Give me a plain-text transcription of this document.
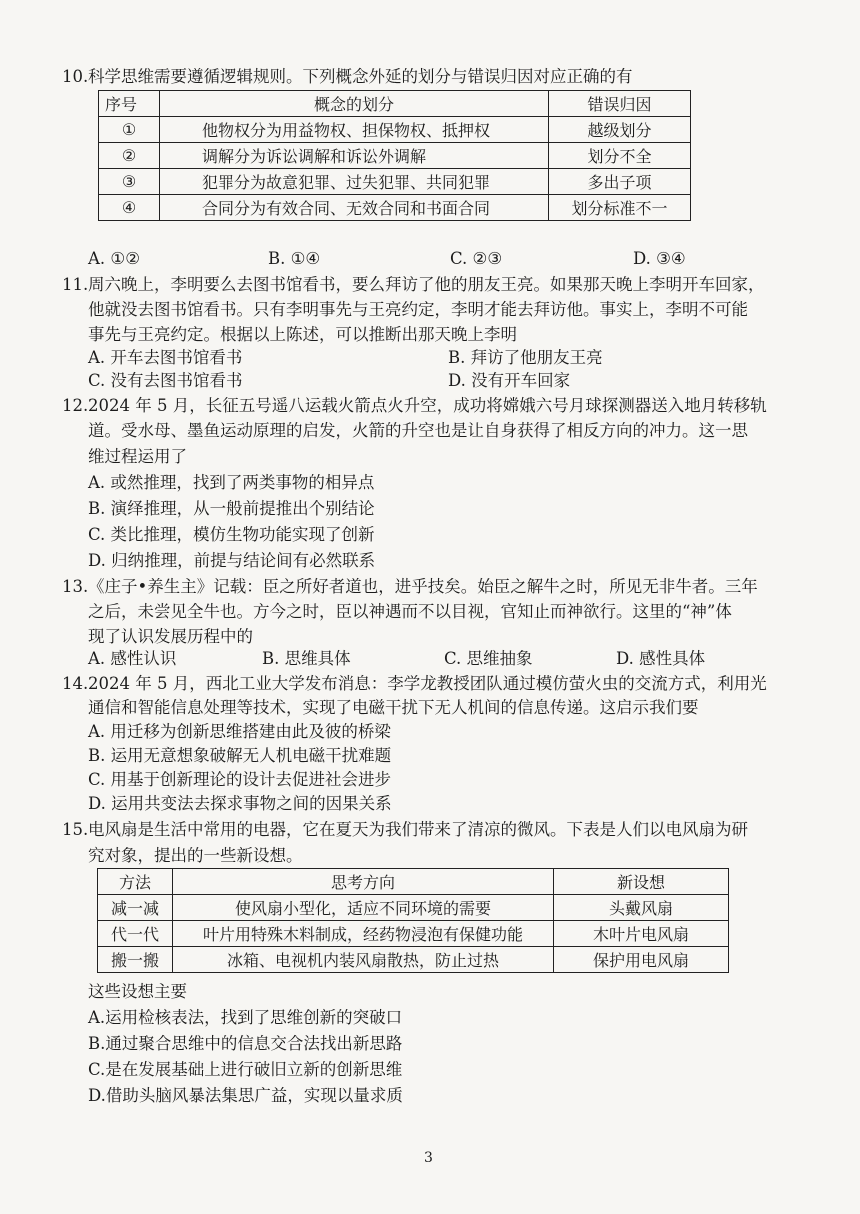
10. 科学思维需要遵循逻辑规则。下列概念外延的划分与错误归因对应正确的有
序号	概念的划分	错误归因
①	他物权分为用益物权、担保物权、抵押权	越级划分
②	调解分为诉讼调解和诉讼外调解	划分不全
③	犯罪分为故意犯罪、过失犯罪、共同犯罪	多出子项
④	合同分为有效合同、无效合同和书面合同	划分标准不一
A. ①②	B. ①④	C. ②③	D. ③④
11. 周六晚上，李明要么去图书馆看书，要么拜访了他的朋友王亮。如果那天晚上李明开车回家，
他就没去图书馆看书。只有李明事先与王亮约定，李明才能去拜访他。事实上，李明不可能
事先与王亮约定。根据以上陈述，可以推断出那天晚上李明
A. 开车去图书馆看书	B. 拜访了他朋友王亮
C. 没有去图书馆看书	D. 没有开车回家
12. 2024 年 5 月，长征五号遥八运载火箭点火升空，成功将嫦娥六号月球探测器送入地月转移轨
道。受水母、墨鱼运动原理的启发，火箭的升空也是让自身获得了相反方向的冲力。这一思
维过程运用了
A. 或然推理，找到了两类事物的相异点
B. 演绎推理，从一般前提推出个别结论
C. 类比推理，模仿生物功能实现了创新
D. 归纳推理，前提与结论间有必然联系
13. 《庄子•养生主》记载：臣之所好者道也，进乎技矣。始臣之解牛之时，所见无非牛者。三年
之后，未尝见全牛也。方今之时，臣以神遇而不以目视，官知止而神欲行。这里的“神”体
现了认识发展历程中的
A. 感性认识	B. 思维具体	C. 思维抽象	D. 感性具体
14. 2024 年 5 月，西北工业大学发布消息：李学龙教授团队通过模仿萤火虫的交流方式，利用光
通信和智能信息处理等技术，实现了电磁干扰下无人机间的信息传递。这启示我们要
A. 用迁移为创新思维搭建由此及彼的桥梁
B. 运用无意想象破解无人机电磁干扰难题
C. 用基于创新理论的设计去促进社会进步
D. 运用共变法去探求事物之间的因果关系
15. 电风扇是生活中常用的电器，它在夏天为我们带来了清凉的微风。下表是人们以电风扇为研
究对象，提出的一些新设想。
方法	思考方向	新设想
减一减	使风扇小型化，适应不同环境的需要	头戴风扇
代一代	叶片用特殊木料制成，经药物浸泡有保健功能	木叶片电风扇
搬一搬	冰箱、电视机内装风扇散热，防止过热	保护用电风扇
这些设想主要
A.运用检核表法，找到了思维创新的突破口
B.通过聚合思维中的信息交合法找出新思路
C.是在发展基础上进行破旧立新的创新思维
D.借助头脑风暴法集思广益，实现以量求质
3
